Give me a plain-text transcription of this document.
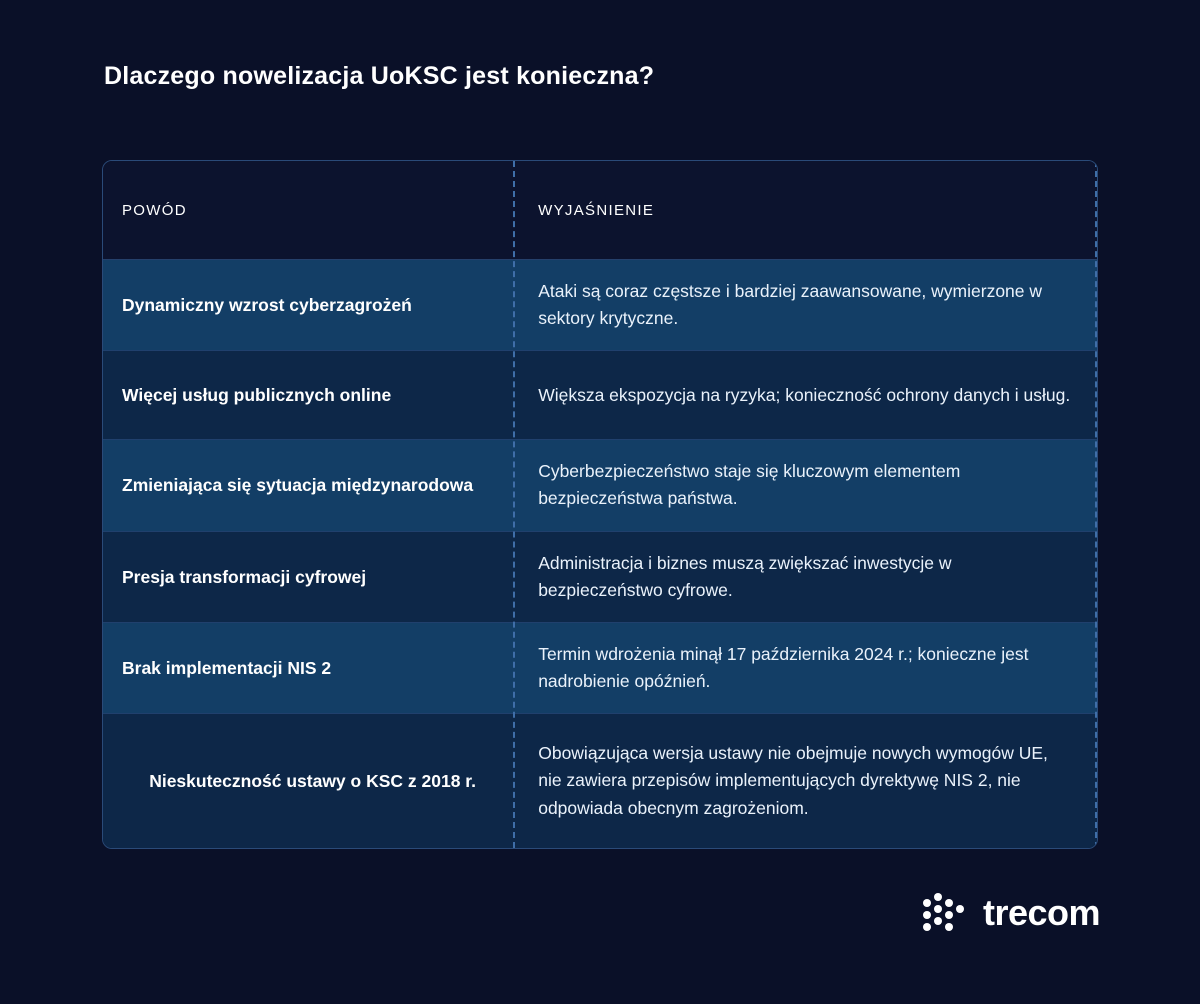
Dlaczego nowelizacja UoKSC jest konieczna?
POWÓD	WYJAŚNIENIE
Dynamiczny wzrost cyberzagrożeń
Ataki są coraz częstsze i bardziej zaawansowane, wymierzone w sektory krytyczne.
Więcej usług publicznych online	Większa ekspozycja na ryzyka; konieczność ochrony danych i usług.
Zmieniająca się sytuacja międzynarodowa
Cyberbezpieczeństwo staje się kluczowym elementem bezpieczeństwa państwa.
Presja transformacji cyfrowej
Administracja i biznes muszą zwiększać inwestycje w bezpieczeństwo cyfrowe.
Brak implementacji NIS 2
Termin wdrożenia minął 17 października 2024 r.; konieczne jest nadrobienie opóźnień.
Nieskuteczność ustawy o KSC z 2018 r.
Obowiązująca wersja ustawy nie obejmuje nowych wymogów UE, nie zawiera przepisów implementujących dyrektywę NIS 2, nie odpowiada obecnym zagrożeniom.
trecom
